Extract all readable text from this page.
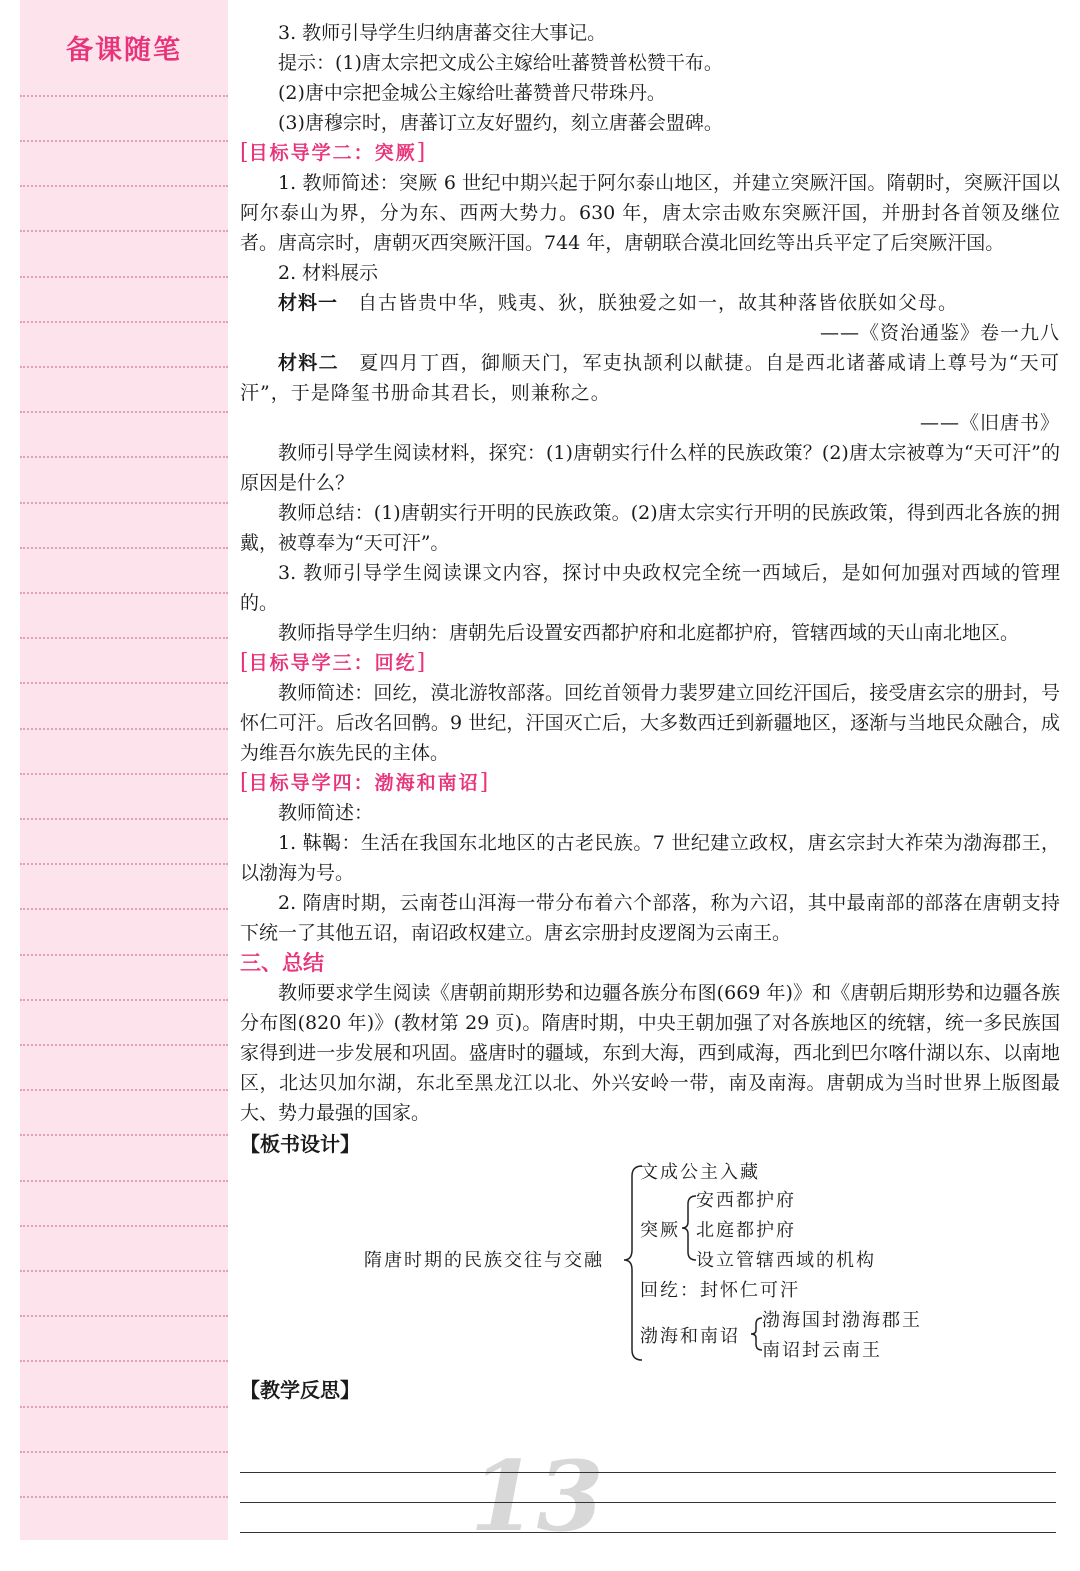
备课随笔

3. 教师引导学生归纳唐蕃交往大事记。

提示：(1)唐太宗把文成公主嫁给吐蕃赞普松赞干布。

(2)唐中宗把金城公主嫁给吐蕃赞普尺带珠丹。

(3)唐穆宗时，唐蕃订立友好盟约，刻立唐蕃会盟碑。

[目标导学二：突厥]

1. 教师简述：突厥 6 世纪中期兴起于阿尔泰山地区，并建立突厥汗国。隋朝时，突厥汗国以阿尔泰山为界，分为东、西两大势力。630 年，唐太宗击败东突厥汗国，并册封各首领及继位者。唐高宗时，唐朝灭西突厥汗国。744 年，唐朝联合漠北回纥等出兵平定了后突厥汗国。

2. 材料展示

材料一　 自古皆贵中华，贱夷、狄，朕独爱之如一，故其种落皆依朕如父母。

——《资治通鉴》卷一九八

材料二　 夏四月丁酉，御顺天门，军吏执颉利以献捷。自是西北诸蕃咸请上尊号为“天可汗”，于是降玺书册命其君长，则兼称之。

——《旧唐书》

教师引导学生阅读材料，探究：(1)唐朝实行什么样的民族政策？(2)唐太宗被尊为“天可汗”的原因是什么？

教师总结：(1)唐朝实行开明的民族政策。(2)唐太宗实行开明的民族政策，得到西北各族的拥戴，被尊奉为“天可汗”。

3. 教师引导学生阅读课文内容，探讨中央政权完全统一西域后，是如何加强对西域的管理的。

教师指导学生归纳：唐朝先后设置安西都护府和北庭都护府，管辖西域的天山南北地区。

[目标导学三：回纥]

教师简述：回纥，漠北游牧部落。回纥首领骨力裴罗建立回纥汗国后，接受唐玄宗的册封，号怀仁可汗。后改名回鹘。9 世纪，汗国灭亡后，大多数西迁到新疆地区，逐渐与当地民众融合，成为维吾尔族先民的主体。

[目标导学四：渤海和南诏]

教师简述：

1. 靺鞨：生活在我国东北地区的古老民族。7 世纪建立政权，唐玄宗封大祚荣为渤海郡王，以渤海为号。

2. 隋唐时期，云南苍山洱海一带分布着六个部落，称为六诏，其中最南部的部落在唐朝支持下统一了其他五诏，南诏政权建立。唐玄宗册封皮逻阁为云南王。

三、总结

教师要求学生阅读《唐朝前期形势和边疆各族分布图(669 年)》和《唐朝后期形势和边疆各族分布图(820 年)》(教材第 29 页)。隋唐时期，中央王朝加强了对各族地区的统辖，统一多民族国家得到进一步发展和巩固。盛唐时的疆域，东到大海，西到咸海，西北到巴尔喀什湖以东、以南地区，北达贝加尔湖，东北至黑龙江以北、外兴安岭一带，南及南海。唐朝成为当时世界上版图最大、势力最强的国家。

【板书设计】

隋唐时期的民族交往与交融
文成公主入藏
突厥
安西都护府
北庭都护府
设立管辖西域的机构
回纥：封怀仁可汗
渤海和南诏
渤海国封渤海郡王
南诏封云南王

【教学反思】

13
